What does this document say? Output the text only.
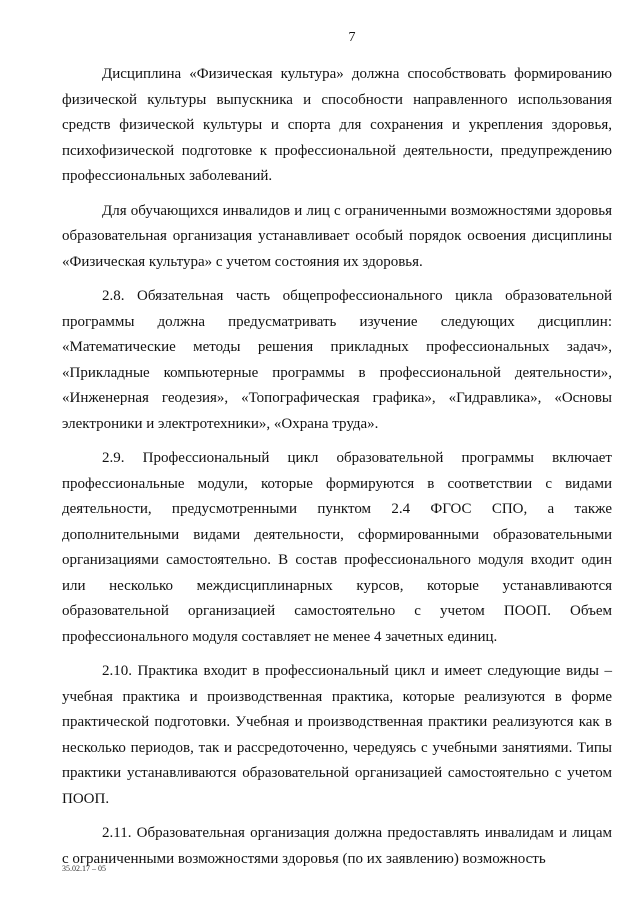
7

Дисциплина «Физическая культура» должна способствовать формированию физической культуры выпускника и способности направленного использования средств физической культуры и спорта для сохранения и укрепления здоровья, психофизической подготовке к профессиональной деятельности, предупреждению профессиональных заболеваний.

Для обучающихся инвалидов и лиц с ограниченными возможностями здоровья образовательная организация устанавливает особый порядок освоения дисциплины «Физическая культура» с учетом состояния их здоровья.

2.8. Обязательная часть общепрофессионального цикла образовательной программы должна предусматривать изучение следующих дисциплин: «Математические методы решения прикладных профессиональных задач», «Прикладные компьютерные программы в профессиональной деятельности», «Инженерная геодезия», «Топографическая графика», «Гидравлика», «Основы электроники и электротехники», «Охрана труда».

2.9. Профессиональный цикл образовательной программы включает профессиональные модули, которые формируются в соответствии с видами деятельности, предусмотренными пунктом 2.4 ФГОС СПО, а также дополнительными видами деятельности, сформированными образовательными организациями самостоятельно. В состав профессионального модуля входит один или несколько междисциплинарных курсов, которые устанавливаются образовательной организацией самостоятельно с учетом ПООП. Объем профессионального модуля составляет не менее 4 зачетных единиц.

2.10. Практика входит в профессиональный цикл и имеет следующие виды – учебная практика и производственная практика, которые реализуются в форме практической подготовки. Учебная и производственная практики реализуются как в несколько периодов, так и рассредоточенно, чередуясь с учебными занятиями. Типы практики устанавливаются образовательной организацией самостоятельно с учетом ПООП.

2.11. Образовательная организация должна предоставлять инвалидам и лицам с ограниченными возможностями здоровья (по их заявлению) возможность

35.02.17 – 05
